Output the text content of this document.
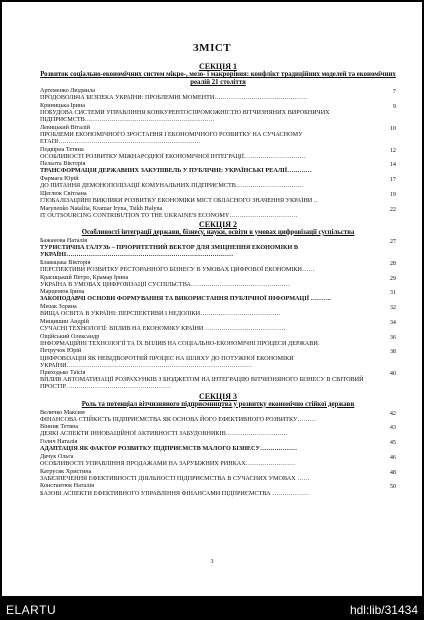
ЗМІСТ
СЕКЦІЯ 1
Розвиток соціально-економічних систем мікро-, мезо- і макрорівня: конфлікт традиційних моделей та економічних реалій 21 століття
Артеменко Людмила
ПРОДОВОЛЬЧА БЕЗПЕКА УКРАЇНИ: ПРОБЛЕМНІ МОМЕНТИ………………………………………
7
Криницька Ірина
ПОБУДОВА СИСТЕМИ УПРАВЛІННЯ КОНКУРЕНТОСПРОМОЖНІСТЮ ВІТЧИЗНЯНИХ ВИРОБНИЧИХ ПІДПРИЄМСТВ………………………………………………………
9
Левицький Віталій
ПРОБЛЕМИ ЕКОНОМІЧНОГО ЗРОСТАННЯ І ЕКОНОМІЧНОГО РОЗВИТКУ НА СУЧАСНОМУ ЕТАПІ……………………………………………………………
10
Подвірна Тетяна
ОСОБЛИВОСТІ РОЗВИТКУ МІЖНАРОДНОЇ ЕКОНОМІЧНОЇ ІНТЕГРАЦІЇ…………………………
12
Пельота Вікторія
ТРАНСФОРМАЦІЯ ДЕРЖАВНИХ ЗАКУПІВЕЛЬ У ПУБЛІЧНІ: УКРАЇНСЬКІ РЕАЛІЇ…………
14
Фармага Юрій
ДО ПИТАННЯ ДЕМОНОПОЛІЗАЦІЇ КОМУНАЛЬНИХ ПІДПРИЄМСТВ……………………………
17
Щеглюк Світлана
ГЛОБАЛІЗАЦІЙНІ ВИКЛИКИ РОЗВИТКУ ЕКОНОМІКИ МІСТ ОБЛАСНОГО ЗНАЧЕННЯ УКРАЇНИ ..
19
Marynenko Nataliia, Kramar Iryna, Tsikh Halyna
IT OUTSOURCING CONTRIBUTION TO THE UKRAINE'S ECONOMY……………………………
22
СЕКЦІЯ 2
Особливості інтеграції держави, бізнесу, науки, освіти в умовах цифровізації суспільства
Бажанова Наталія
ТУРИСТИЧНА ГАЛУЗЬ – ПРІОРИТЕТНИЙ ВЕКТОР ДЛЯ ЗМІЦНЕННЯ ЕКОНОМІКИ В УКРАЇНІ………………………………………………………………………
27
Блавацька Вікторія
ПЕРСПЕКТИВИ РОЗВИТКУ РЕСТОРАННОГО БІЗНЕСУ В УМОВАХ ЦИФРОВОЇ ЕКОНОМІКИ……
28
Красицький Петро, Крамар Ірина
УКРАЇНА В УМОВАХ ЦИФРОВІЗАЦІЇ СУСПІЛЬСТВА…………………………………………
29
Марценюк Ірина
ЗАКОНОДАВЧІ ОСНОВИ ФОРМУВАННЯ ТА ВИКОРИСТАННЯ ПУБЛІЧНОЇ ІНФОРМАЦІЇ ……….
31
Мизак Зоряна
ВИЩА ОСВІТА В УКРАЇНІ: ПЕРСПЕКТИВИ І НЕДОЛІКИ…………………………………
32
Мищишин Андрій
СУЧАСНІ ТЕХНОЛОГІЇ: ВПЛИВ НА ЕКОНОМІКУ КРАЇНИ …………………………………
34
Ощійський Олександр
ІНФОРМАЦІЙНІ ТЕХНОЛОГІЇ ТА ЇХ ВПЛИВ НА СОЦІАЛЬНО-ЕКОНОМІЧНІ ПРОЦЕСИ ДЕРЖАВИ.
36
Петручок Юрій
ЦИФРОВІЗАЦІЯ ЯК НЕВІДВОРОТНІЙ ПРОЦЕС НА ШЛЯХУ ДО ПОТУЖНОЇ ЕКОНОМІКИ УКРАЇНИ………………………………………………………………………………
38
Приходько Таїсія
ВПЛИВ АВТОМАТИЗАЦІЇ РОЗРАХУНКІВ З БЮДЖЕТОМ НА ІНТЕГРАЦІЮ ВІТЧИЗНЯНОГО БІЗНЕСУ В СВІТОВИЙ ПРОСТІР……………………………………………
40
СЕКЦІЯ 3
Роль та потенціал вітчизняного підприємництва у розвитку економічно стійкої держави
Величко Максим
ФІНАНСОВА СТІЙКІСТЬ ПІДПРИЄМСТВА ЯК ОСНОВА ЙОГО ЕФЕКТИВНОГО РОЗВИТКУ………
42
Вінник Тетяна
ДЕЯКІ АСПЕКТИ ІННОВАЦІЙНОЇ АКТИВНОСТІ ЗАБУДОВНИКІВ…………………………
43
Голич Наталія
АДАПТАЦІЯ ЯК ФАКТОР РОЗВИТКУ ПІДПРИЄМСТВ МАЛОГО БІЗНЕСУ………………
45
Дячук Ольга
ОСОБЛИВОСТІ УПРАВЛІННЯ ПРОДАЖАМИ НА ЗАРУБІЖНИХ РИНКАХ……………………
46
Катрусяк Христина
ЗАБЕЗПЕЧЕННЯ ЕФЕКТИВНОСТІ ДІЯЛЬНОСТІ ПІДПРИЄМСТВА В СУЧАСНИХ УМОВАХ ……
48
Константюк Наталія
БАЗОВІ АСПЕКТИ ЕФЕКТИВНОГО УПРАВЛІННЯ ФІНАНСАМИ ПІДПРИЄМСТВА ………………
50
3
ELARTU	hdl:lib/31434
